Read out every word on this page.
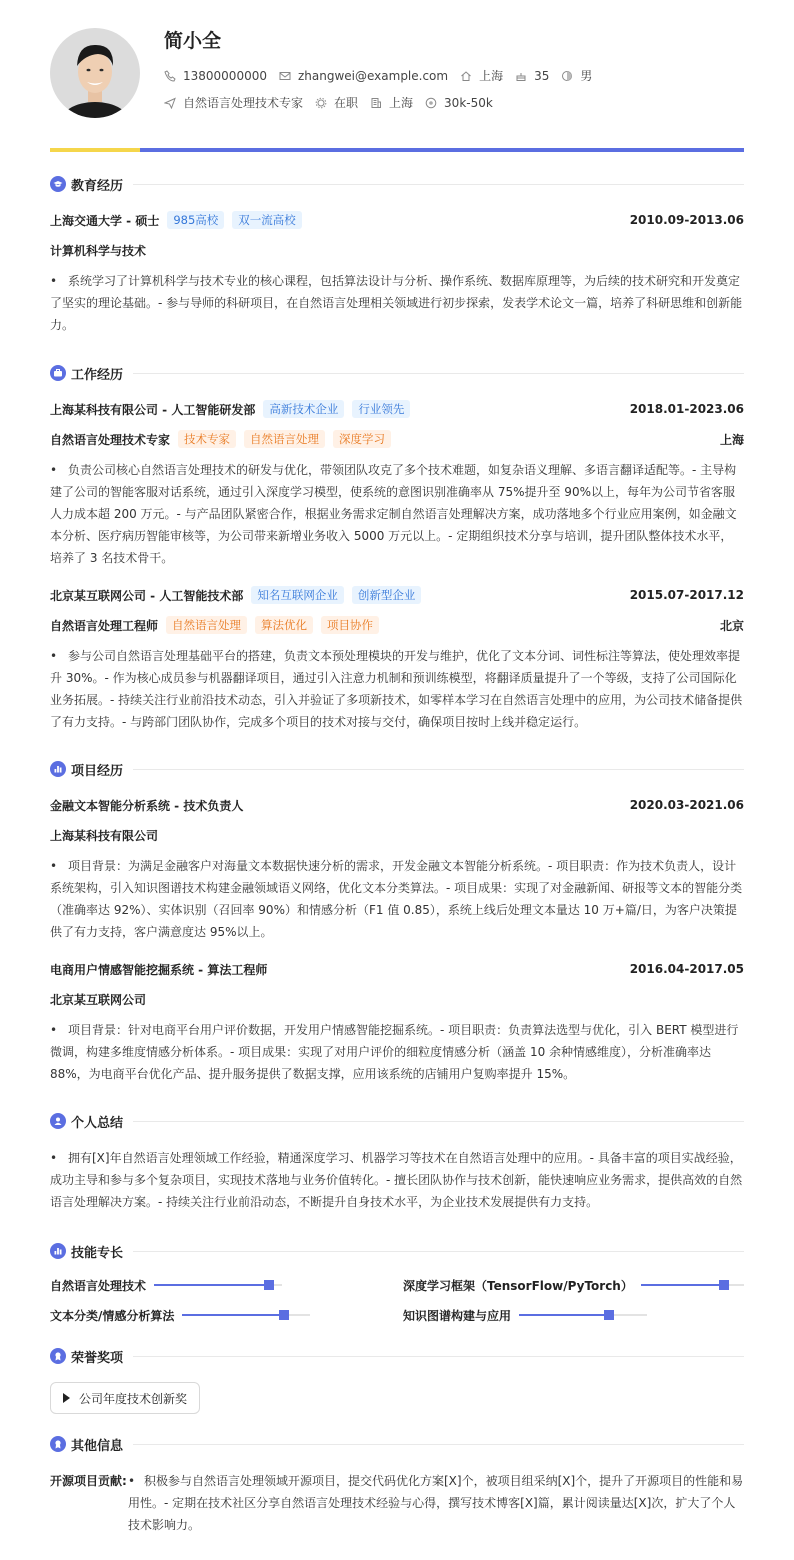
简小全
13800000000	zhangwei@example.com	上海	35	男
自然语言处理技术专家	在职	上海	30k-50k
教育经历
上海交通大学 - 硕士	985高校	双一流高校	2010.09-2013.06
计算机科学与技术
• 系统学习了计算机科学与技术专业的核心课程，包括算法设计与分析、操作系统、数据库原理等，为后续的技术研究和开发奠定了坚实的理论基础。- 参与导师的科研项目，在自然语言处理相关领域进行初步探索，发表学术论文一篇，培养了科研思维和创新能力。
工作经历
上海某科技有限公司 - 人工智能研发部	高新技术企业	行业领先	2018.01-2023.06
自然语言处理技术专家	技术专家	自然语言处理	深度学习	上海
• 负责公司核心自然语言处理技术的研发与优化，带领团队攻克了多个技术难题，如复杂语义理解、多语言翻译适配等。- 主导构建了公司的智能客服对话系统，通过引入深度学习模型，使系统的意图识别准确率从 75%提升至 90%以上，每年为公司节省客服人力成本超 200 万元。- 与产品团队紧密合作，根据业务需求定制自然语言处理解决方案，成功落地多个行业应用案例，如金融文本分析、医疗病历智能审核等，为公司带来新增业务收入 5000 万元以上。- 定期组织技术分享与培训，提升团队整体技术水平，培养了 3 名技术骨干。
北京某互联网公司 - 人工智能技术部	知名互联网企业	创新型企业	2015.07-2017.12
自然语言处理工程师	自然语言处理	算法优化	项目协作	北京
• 参与公司自然语言处理基础平台的搭建，负责文本预处理模块的开发与维护，优化了文本分词、词性标注等算法，使处理效率提升 30%。- 作为核心成员参与机器翻译项目，通过引入注意力机制和预训练模型，将翻译质量提升了一个等级，支持了公司国际化业务拓展。- 持续关注行业前沿技术动态，引入并验证了多项新技术，如零样本学习在自然语言处理中的应用，为公司技术储备提供了有力支持。- 与跨部门团队协作，完成多个项目的技术对接与交付，确保项目按时上线并稳定运行。
项目经历
金融文本智能分析系统 - 技术负责人	2020.03-2021.06
上海某科技有限公司
• 项目背景：为满足金融客户对海量文本数据快速分析的需求，开发金融文本智能分析系统。- 项目职责：作为技术负责人，设计系统架构，引入知识图谱技术构建金融领域语义网络，优化文本分类算法。- 项目成果：实现了对金融新闻、研报等文本的智能分类（准确率达 92%）、实体识别（召回率 90%）和情感分析（F1 值 0.85），系统上线后处理文本量达 10 万+篇/日，为客户决策提供了有力支持，客户满意度达 95%以上。
电商用户情感智能挖掘系统 - 算法工程师	2016.04-2017.05
北京某互联网公司
• 项目背景：针对电商平台用户评价数据，开发用户情感智能挖掘系统。- 项目职责：负责算法选型与优化，引入 BERT 模型进行微调，构建多维度情感分析体系。- 项目成果：实现了对用户评价的细粒度情感分析（涵盖 10 余种情感维度），分析准确率达 88%，为电商平台优化产品、提升服务提供了数据支撑，应用该系统的店铺用户复购率提升 15%。
个人总结
• 拥有[X]年自然语言处理领域工作经验，精通深度学习、机器学习等技术在自然语言处理中的应用。- 具备丰富的项目实战经验，成功主导和参与多个复杂项目，实现技术落地与业务价值转化。- 擅长团队协作与技术创新，能快速响应业务需求，提供高效的自然语言处理解决方案。- 持续关注行业前沿动态，不断提升自身技术水平，为企业技术发展提供有力支持。
技能专长
自然语言处理技术	深度学习框架（TensorFlow/PyTorch）
文本分类/情感分析算法	知识图谱构建与应用
荣誉奖项
公司年度技术创新奖
其他信息
开源项目贡献: • 积极参与自然语言处理领域开源项目，提交代码优化方案[X]个，被项目组采纳[X]个，提升了开源项目的性能和易用性。- 定期在技术社区分享自然语言处理技术经验与心得，撰写技术博客[X]篇，累计阅读量达[X]次，扩大了个人技术影响力。
